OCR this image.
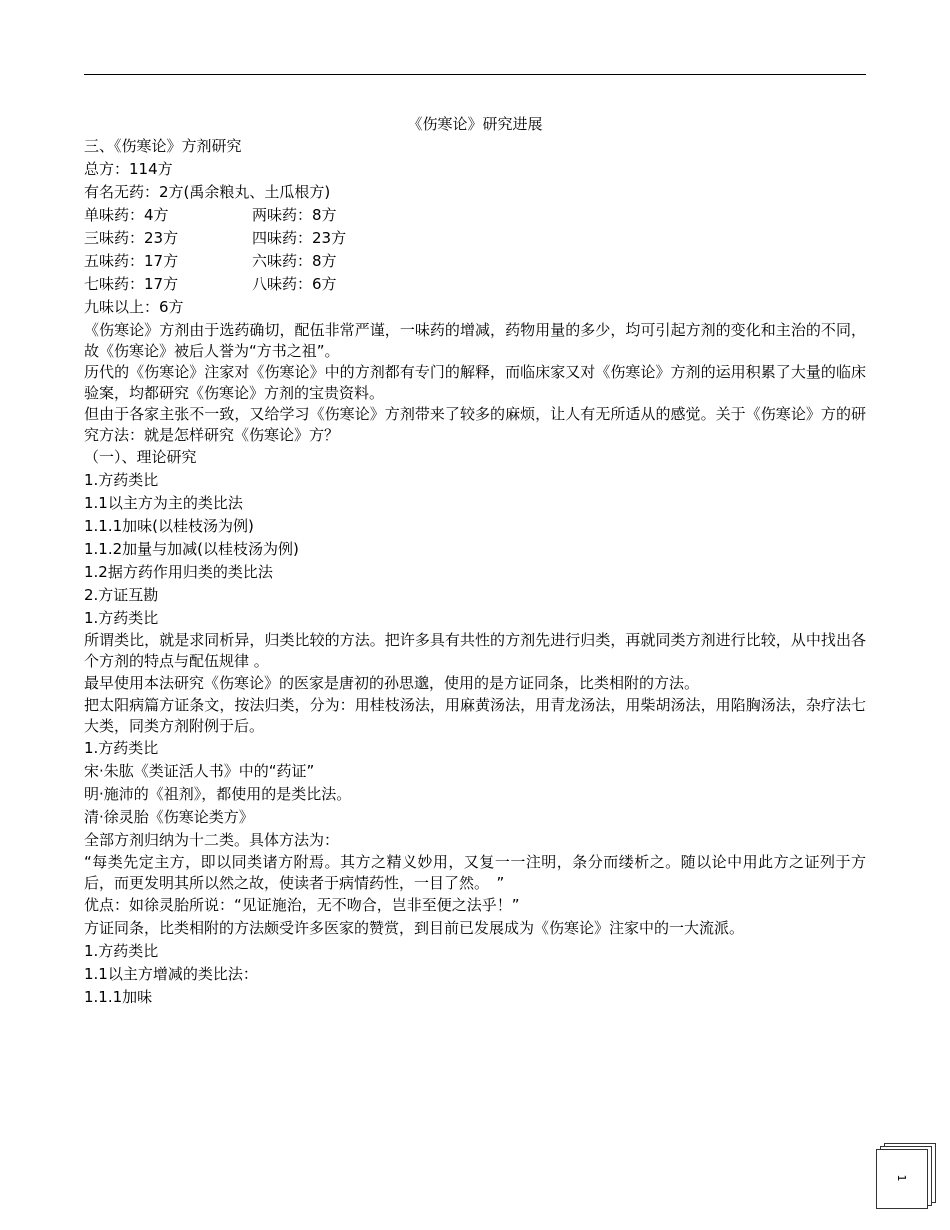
《伤寒论》研究进展
三、《伤寒论》方剂研究
总方：114方
有名无药：2方(禹余粮丸、土瓜根方)
单味药：4方	两味药：8方
三味药：23方	四味药：23方
五味药：17方	六味药：8方
七味药：17方	八味药：6方
九味以上：6方
《伤寒论》方剂由于选药确切，配伍非常严谨，一味药的增减，药物用量的多少，均可引起方剂的变化和主治的不同，故《伤寒论》被后人誉为“方书之祖”。
历代的《伤寒论》注家对《伤寒论》中的方剂都有专门的解释，而临床家又对《伤寒论》方剂的运用积累了大量的临床验案，均都研究《伤寒论》方剂的宝贵资料。
但由于各家主张不一致，又给学习《伤寒论》方剂带来了较多的麻烦，让人有无所适从的感觉。关于《伤寒论》方的研究方法：就是怎样研究《伤寒论》方？
（一）、理论研究
1.方药类比
1.1以主方为主的类比法
1.1.1加味(以桂枝汤为例)
1.1.2加量与加减(以桂枝汤为例)
1.2据方药作用归类的类比法
2.方证互勘
1.方药类比
所谓类比，就是求同析异，归类比较的方法。把许多具有共性的方剂先进行归类，再就同类方剂进行比较，从中找出各个方剂的特点与配伍规律 。
最早使用本法研究《伤寒论》的医家是唐初的孙思邈，使用的是方证同条，比类相附的方法。
把太阳病篇方证条文，按法归类，分为：用桂枝汤法，用麻黄汤法，用青龙汤法，用柴胡汤法，用陷胸汤法，杂疗法七大类，同类方剂附例于后。
1.方药类比
宋·朱肱《类证活人书》中的“药证”
明·施沛的《祖剂》，都使用的是类比法。
清·徐灵胎《伤寒论类方》
全部方剂归纳为十二类。具体方法为：
“每类先定主方，即以同类诸方附焉。其方之精义妙用，又复一一注明，条分而缕析之。随以论中用此方之证列于方后，而更发明其所以然之故，使读者于病情药性，一目了然。　”
优点：如徐灵胎所说：“见证施治，无不吻合，岂非至便之法乎！”
方证同条，比类相附的方法颇受许多医家的赞赏，到目前已发展成为《伤寒论》注家中的一大流派。
1.方药类比
1.1以主方增减的类比法：
1.1.1加味
1
